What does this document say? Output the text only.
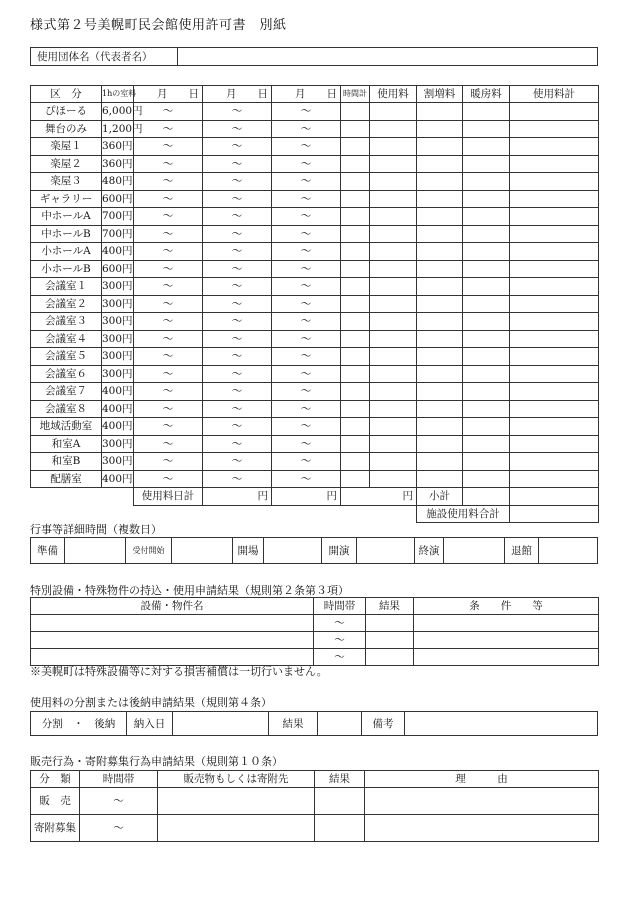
様式第２号美幌町民会館使用許可書　別紙
使用団体名（代表者名）	
区　分	1hの室料	月　　日	月　　日	月　　日	時間計	使用料	割増料	暖房料	使用料計	
ぴほーる	6,000円	〜	〜	〜						
舞台のみ	1,200円	〜	〜	〜						
楽屋１	360円	〜	〜	〜						
楽屋２	360円	〜	〜	〜						
楽屋３	480円	〜	〜	〜						
ギャラリー	600円	〜	〜	〜						
中ホールA	700円	〜	〜	〜						
中ホールB	700円	〜	〜	〜						
小ホールA	400円	〜	〜	〜						
小ホールB	600円	〜	〜	〜						
会議室１	300円	〜	〜	〜						
会議室２	300円	〜	〜	〜						
会議室３	300円	〜	〜	〜						
会議室４	300円	〜	〜	〜						
会議室５	300円	〜	〜	〜						
会議室６	300円	〜	〜	〜						
会議室７	400円	〜	〜	〜						
会議室８	400円	〜	〜	〜						
地域活動室	400円	〜	〜	〜						
和室A	300円	〜	〜	〜						
和室B	300円	〜	〜	〜						
配膳室	400円	〜	〜	〜						
		使用料日計	円	円	円		小計				
							施設使用料合計			
行事等詳細時間（複数日）
準備		受付開始		開場		開演		終演		退館	
特別設備・特殊物件の持込・使用申請結果（規則第２条第３項）
設備・物件名	時間帯	結果	条　　件　　等
	〜		
	〜		
	〜		
※美幌町は特殊設備等に対する損害補償は一切行いません。
使用料の分割または後納申請結果（規則第４条）
分割　・　後納	納入日		結果		備考	
販売行為・寄附募集行為申請結果（規則第１０条）
分　類	時間帯	販売物もしくは寄附先	結果	理　　　由
販　売	〜			
寄附募集	〜			
